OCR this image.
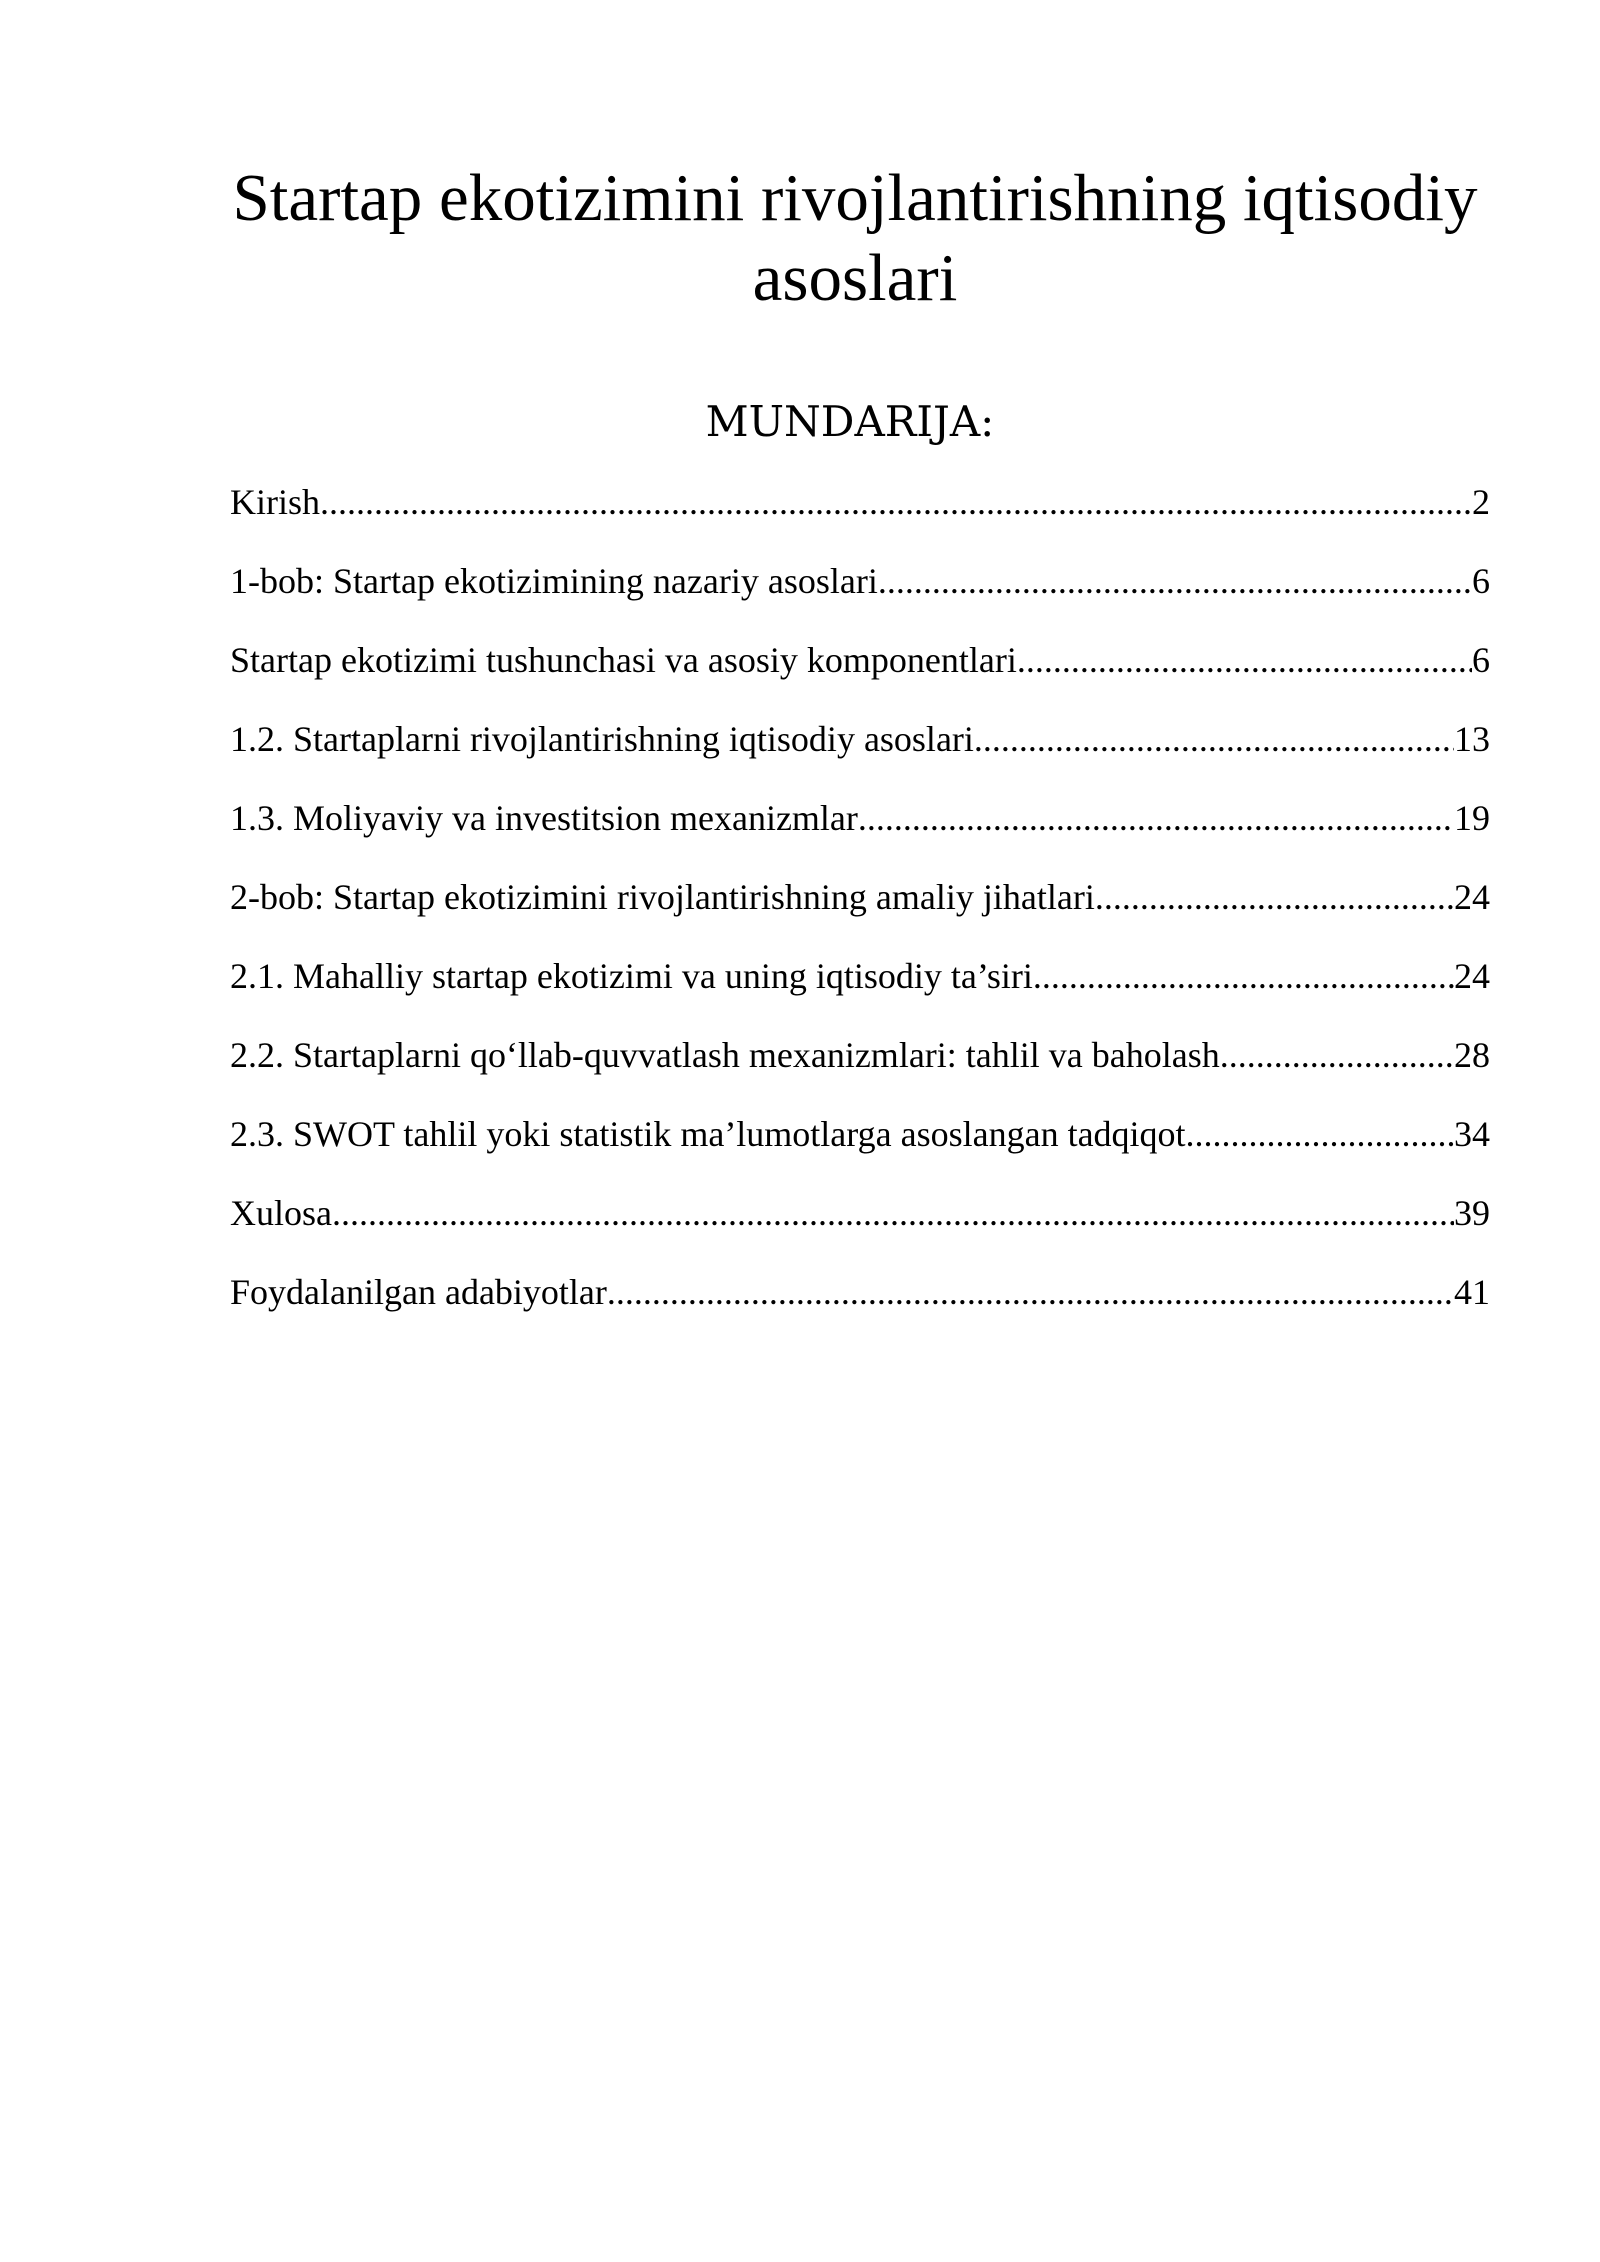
Startap ekotizimini rivojlantirishning iqtisodiy asoslari
MUNDARIJA:
Kirish .....	2
1-bob: Startap ekotizimining nazariy asoslari .....	6
Startap ekotizimi tushunchasi va asosiy komponentlari .....	6
1.2. Startaplarni rivojlantirishning iqtisodiy asoslari .....	13
1.3. Moliyaviy va investitsion mexanizmlar .....	19
2-bob: Startap ekotizimini rivojlantirishning amaliy jihatlari .....	24
2.1. Mahalliy startap ekotizimi va uning iqtisodiy ta’siri .....	24
2.2. Startaplarni qo‘llab-quvvatlash mexanizmlari: tahlil va baholash .....	28
2.3. SWOT tahlil yoki statistik ma’lumotlarga asoslangan tadqiqot .....	34
Xulosa .....	39
Foydalanilgan adabiyotlar .....	41
